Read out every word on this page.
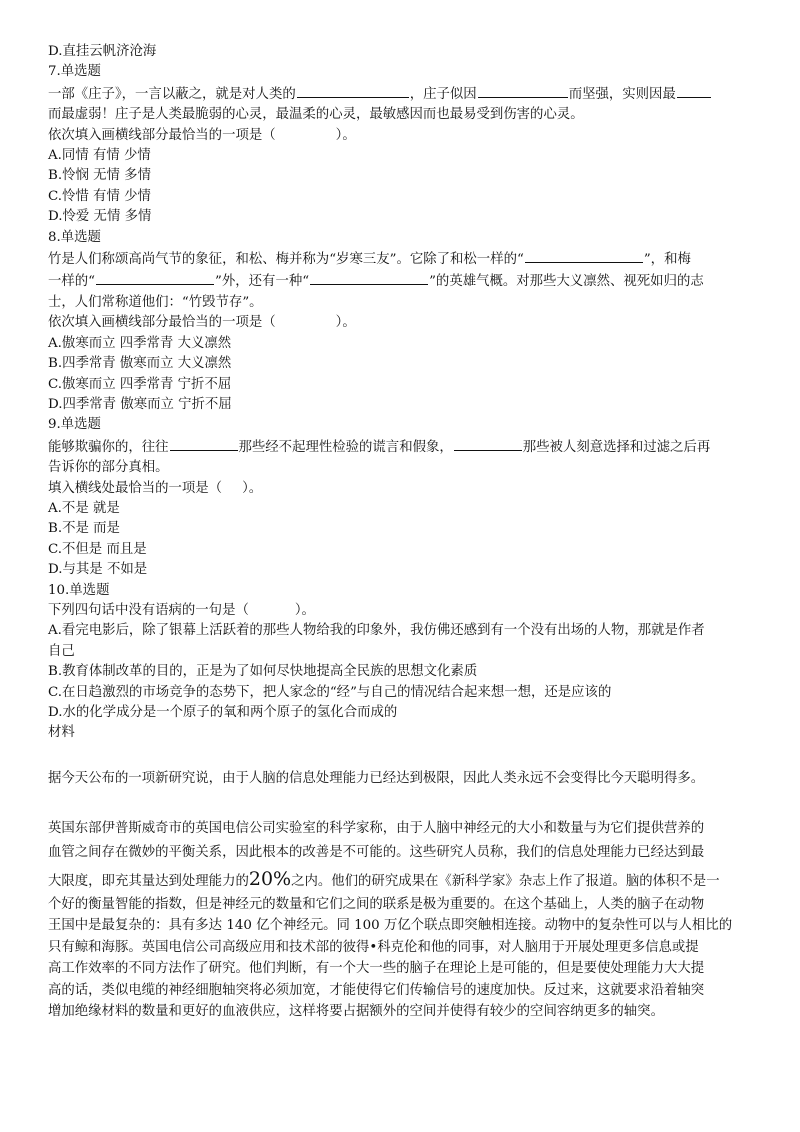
D.直挂云帆济沧海
7.单选题
一部《庄子》，一言以蔽之，就是对人类的	，庄子似因	而坚强，实则因最
而最虚弱！庄子是人类最脆弱的心灵，最温柔的心灵，最敏感因而也最易受到伤害的心灵。
依次填入画横线部分最恰当的一项是（	）。
A.同情 有情 少情
B.怜悯 无情 多情
C.怜惜 有情 少情
D.怜爱 无情 多情
8.单选题
竹是人们称颂高尚气节的象征，和松、梅并称为“岁寒三友”。它除了和松一样的“	”，和梅
一样的“	”外，还有一种“	”的英雄气概。对那些大义凛然、视死如归的志
士，人们常称道他们：“竹毁节存”。
依次填入画横线部分最恰当的一项是（	）。
A.傲寒而立 四季常青 大义凛然
B.四季常青 傲寒而立 大义凛然
C.傲寒而立 四季常青 宁折不屈
D.四季常青 傲寒而立 宁折不屈
9.单选题
能够欺骗你的，往往	那些经不起理性检验的谎言和假象，	那些被人刻意选择和过滤之后再
告诉你的部分真相。
填入横线处最恰当的一项是（ ）。
A.不是 就是
B.不是 而是
C.不但是 而且是
D.与其是 不如是
10.单选题
下列四句话中没有语病的一句是（	）。
A.看完电影后，除了银幕上活跃着的那些人物给我的印象外，我仿佛还感到有一个没有出场的人物，那就是作者
自己
B.教育体制改革的目的，正是为了如何尽快地提高全民族的思想文化素质
C.在日趋激烈的市场竞争的态势下，把人家念的“经”与自己的情况结合起来想一想，还是应该的
D.水的化学成分是一个原子的氧和两个原子的氢化合而成的
材料
据今天公布的一项新研究说，由于人脑的信息处理能力已经达到极限，因此人类永远不会变得比今天聪明得多。
英国东部伊普斯威奇市的英国电信公司实验室的科学家称，由于人脑中神经元的大小和数量与为它们提供营养的
血管之间存在微妙的平衡关系，因此根本的改善是不可能的。这些研究人员称，我们的信息处理能力已经达到最
大限度，即充其量达到处理能力的20%之内。他们的研究成果在《新科学家》杂志上作了报道。脑的体积不是一
个好的衡量智能的指数，但是神经元的数量和它们之间的联系是极为重要的。在这个基础上，人类的脑子在动物
王国中是最复杂的：具有多达 140 亿个神经元。同 100 万亿个联点即突触相连接。动物中的复杂性可以与人相比的
只有鲸和海豚。英国电信公司高级应用和技术部的彼得•科克伦和他的同事，对人脑用于开展处理更多信息或提
高工作效率的不同方法作了研究。他们判断，有一个大一些的脑子在理论上是可能的，但是要使处理能力大大提
高的话，类似电缆的神经细胞轴突将必须加宽，才能使得它们传输信号的速度加快。反过来，这就要求沿着轴突
增加绝缘材料的数量和更好的血液供应，这样将要占据额外的空间并使得有较少的空间容纳更多的轴突。
